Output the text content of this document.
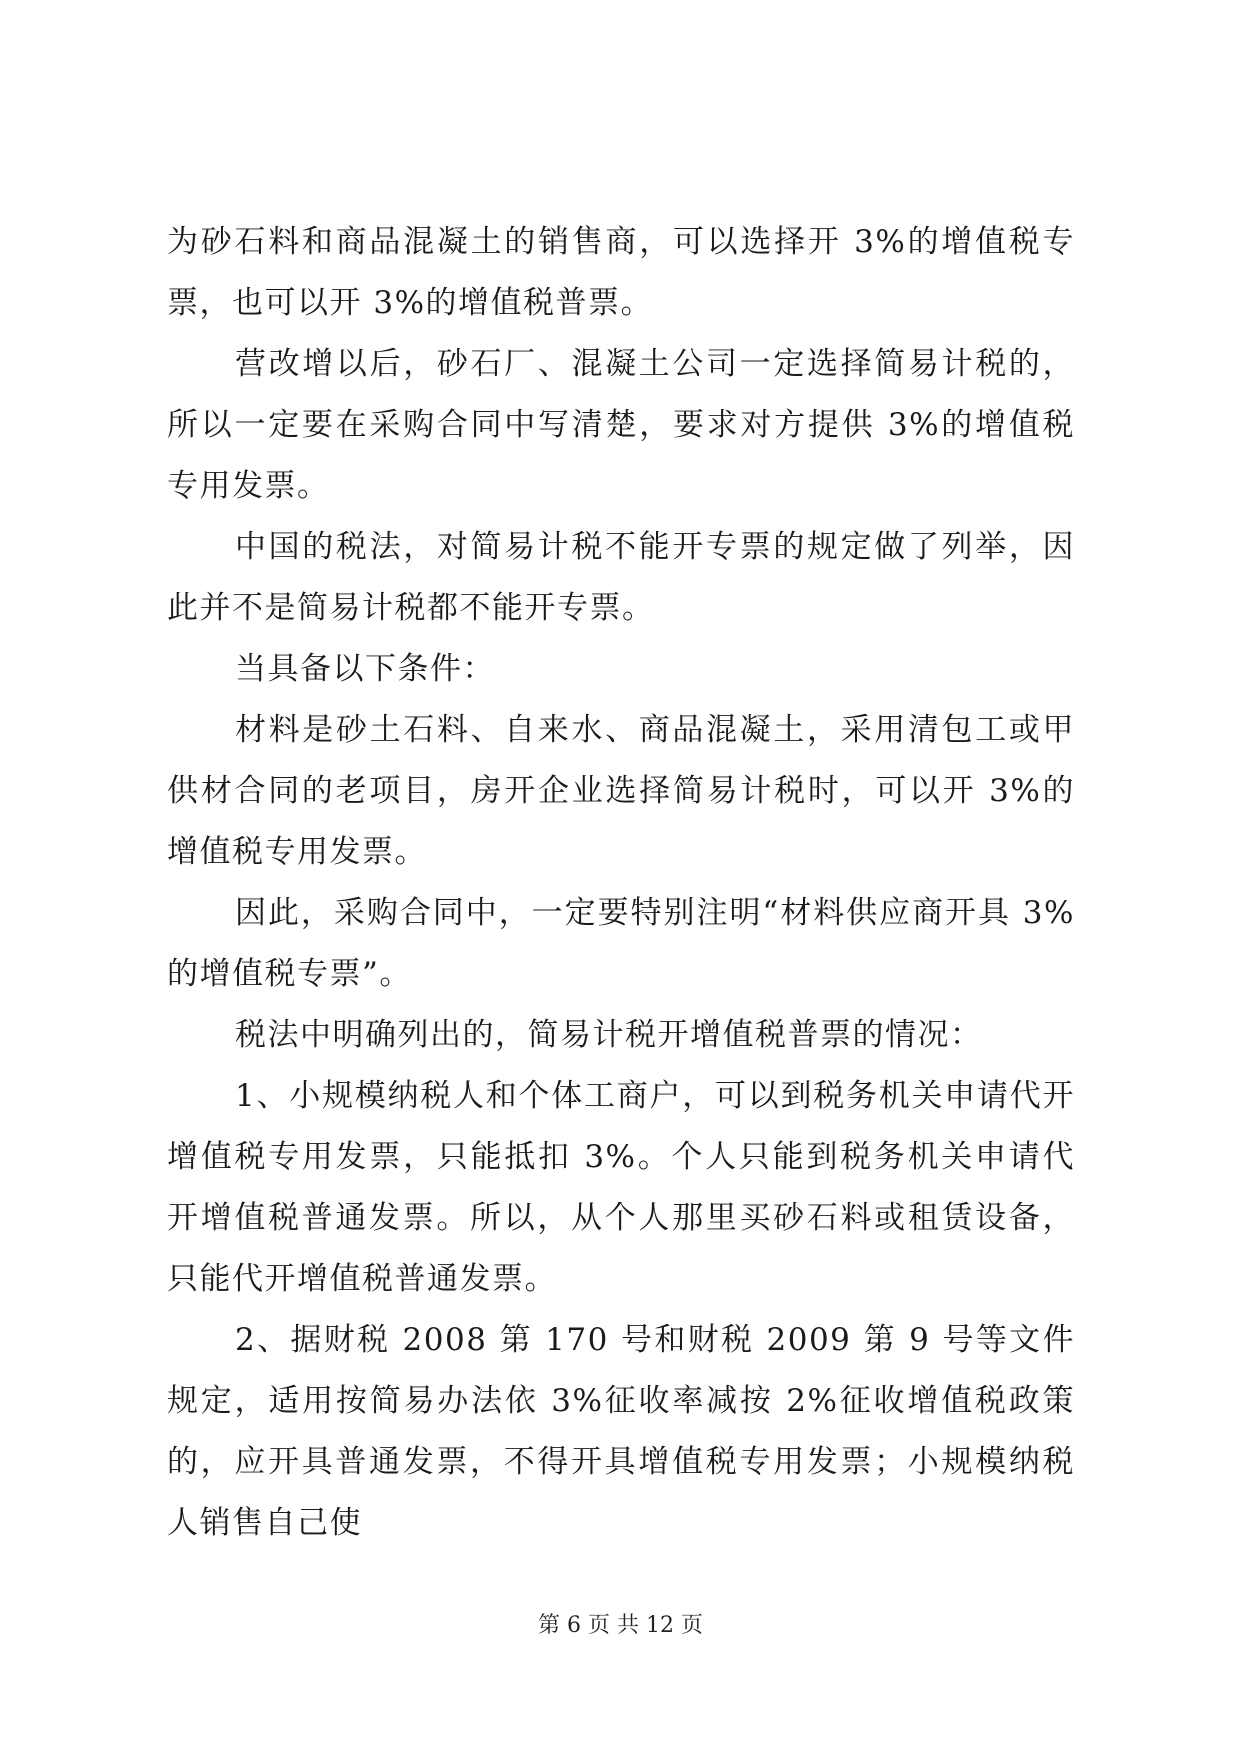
为砂石料和商品混凝土的销售商，可以选择开 3%的增值税专票，也可以开 3%的增值税普票。

营改增以后，砂石厂、混凝土公司一定选择简易计税的，所以一定要在采购合同中写清楚，要求对方提供 3%的增值税专用发票。

中国的税法，对简易计税不能开专票的规定做了列举，因此并不是简易计税都不能开专票。

当具备以下条件：

材料是砂土石料、自来水、商品混凝土，采用清包工或甲供材合同的老项目，房开企业选择简易计税时，可以开 3%的增值税专用发票。

因此，采购合同中，一定要特别注明“材料供应商开具 3%的增值税专票”。

税法中明确列出的，简易计税开增值税普票的情况：

1、小规模纳税人和个体工商户，可以到税务机关申请代开增值税专用发票，只能抵扣 3%。个人只能到税务机关申请代开增值税普通发票。所以，从个人那里买砂石料或租赁设备，只能代开增值税普通发票。

2、据财税 2008 第 170 号和财税 2009 第 9 号等文件规定，适用按简易办法依 3%征收率减按 2%征收增值税政策的，应开具普通发票，不得开具增值税专用发票；小规模纳税人销售自己使

第 6 页 共 12 页
